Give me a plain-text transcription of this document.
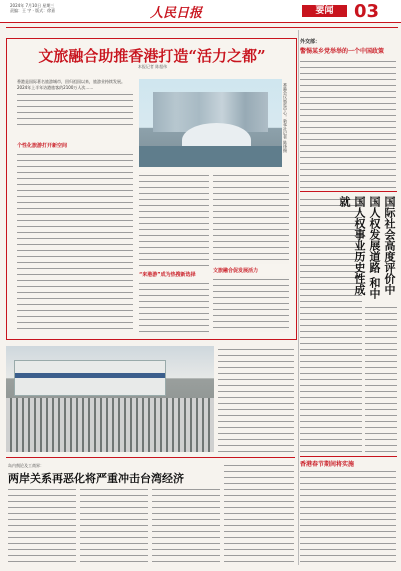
2024年 7月10日 星期三
责编：王 宇 · 版式：徐嘉	人民日报	要闻	03
文旅融合助推香港打造“活力之都”
本报记者 陈超伟

香港是国际著名旅游城市，回归祖国以来，旅游业持续发展。2024年上半年访港旅客约2100万人次……

个性化旅游打开新空间
“来港游”成为热搜新选择
文旅融合促发展活力
香港会议展览中心。新华社记者 陈铎摄
外交部：
警惕某乡党举举的一个中国政策
国际社会高度评价中国人权发展道路 和中国人权事业历史性成就
香港春节期间将实施
岛内舆论及工商界：
两岸关系再恶化将严重冲击台湾经济
